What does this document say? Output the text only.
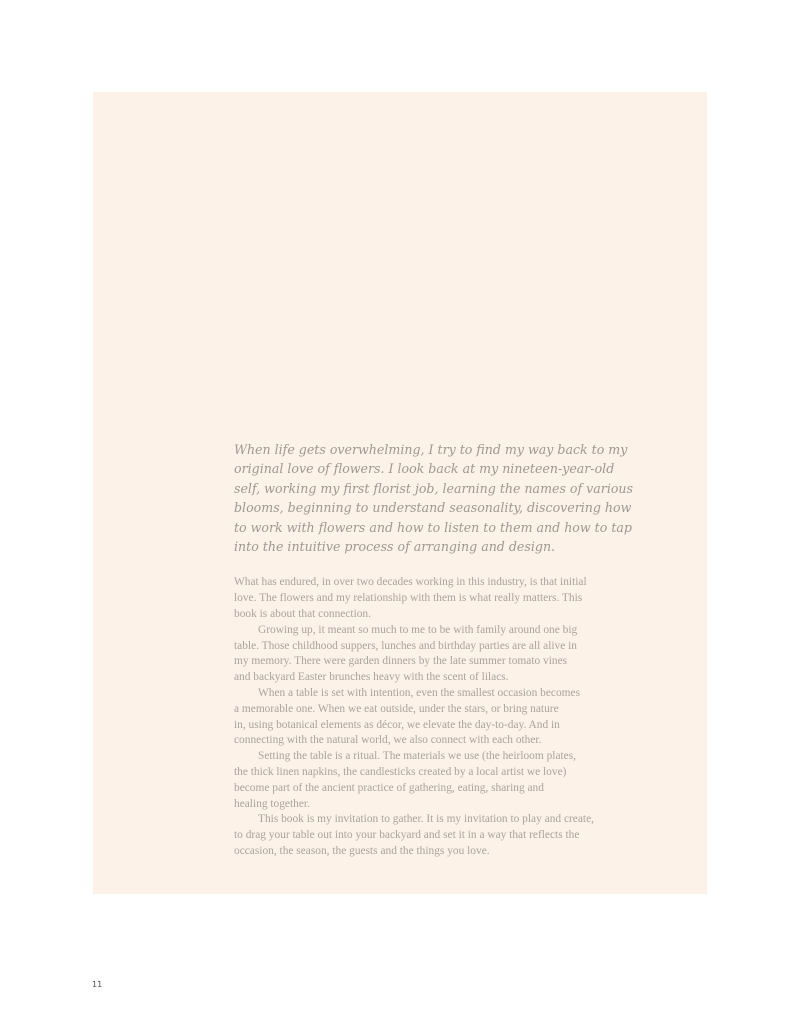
When life gets overwhelming, I try to find my way back to my
original love of flowers. I look back at my nineteen-year-old
self, working my first florist job, learning the names of various
blooms, beginning to understand seasonality, discovering how
to work with flowers and how to listen to them and how to tap
into the intuitive process of arranging and design.

What has endured, in over two decades working in this industry, is that initial
love. The flowers and my relationship with them is what really matters. This
book is about that connection.

Growing up, it meant so much to me to be with family around one big
table. Those childhood suppers, lunches and birthday parties are all alive in
my memory. There were garden dinners by the late summer tomato vines
and backyard Easter brunches heavy with the scent of lilacs.

When a table is set with intention, even the smallest occasion becomes
a memorable one. When we eat outside, under the stars, or bring nature
in, using botanical elements as décor, we elevate the day-to-day. And in
connecting with the natural world, we also connect with each other.

Setting the table is a ritual. The materials we use (the heirloom plates,
the thick linen napkins, the candlesticks created by a local artist we love)
become part of the ancient practice of gathering, eating, sharing and
healing together.

This book is my invitation to gather. It is my invitation to play and create,
to drag your table out into your backyard and set it in a way that reflects the
occasion, the season, the guests and the things you love.

11
